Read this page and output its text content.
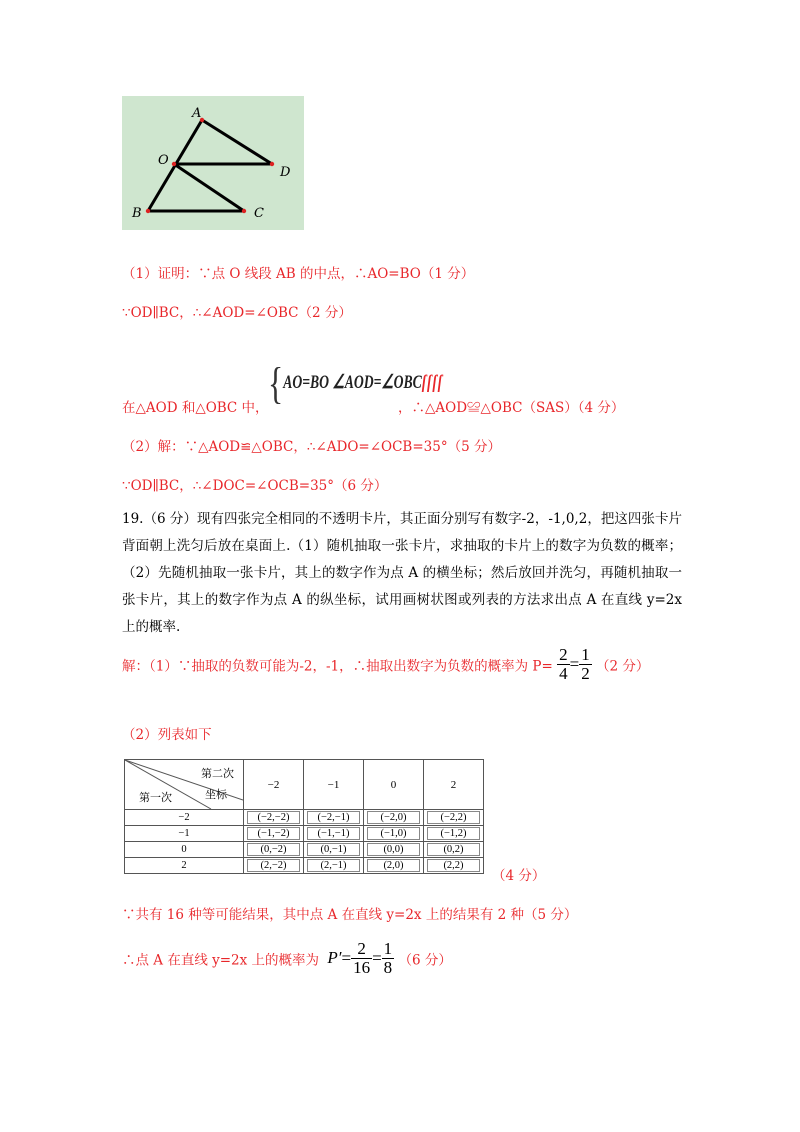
A
O
D
B	C
（1）证明：∵点 O 线段 AB 的中点，∴AO=BO（1 分）
∵OD∥BC，∴∠AOD=∠OBC（2 分）
{AO=BO ∠AOD=∠OBCſſſſ
在△AOD 和△OBC 中，	，∴△AOD≌△OBC（SAS）（4 分）
（2）解：∵△AOD≌△OBC，∴∠ADO=∠OCB=35°（5 分）
∵OD∥BC，∴∠DOC=∠OCB=35°（6 分）
19.（6 分）现有四张完全相同的不透明卡片，其正面分别写有数字-2，-1,0,2，把这四张卡片背面朝上洗匀后放在桌面上.（1）随机抽取一张卡片，求抽取的卡片上的数字为负数的概率；（2）先随机抽取一张卡片，其上的数字作为点 A 的横坐标；然后放回并洗匀，再随机抽取一张卡片，其上的数字作为点 A 的纵坐标，试用画树状图或列表的方法求出点 A 在直线 y=2x 上的概率.
解：（1）∵抽取的负数可能为-2，-1，∴抽取出数字为负数的概率为 $P= \frac{2}{4} = \frac{1}{2} (2$ 分）
（2）列表如下
第二次
坐标
第一次	−2	−1	0	2
−2	(−2,−2)	(−2,−1)	(−2,0)	(−2,2)

−1	(−1,−2)	(−1,−1)	(−1,0)	(−1,2)

0	(0,−2)	(0,−1)	(0,0)	(0,2)

2	(2,−2)	(2,−1)	(2,0)	(2,2)
（4 分）
∵共有 16 种等可能结果，其中点 A 在直线 y=2x 上的结果有 2 种（5 分）
∴点 A 在直线 y=2x 上的概率为 $P'= \frac{2}{16} = \frac{1}{8} (6$ 分）
